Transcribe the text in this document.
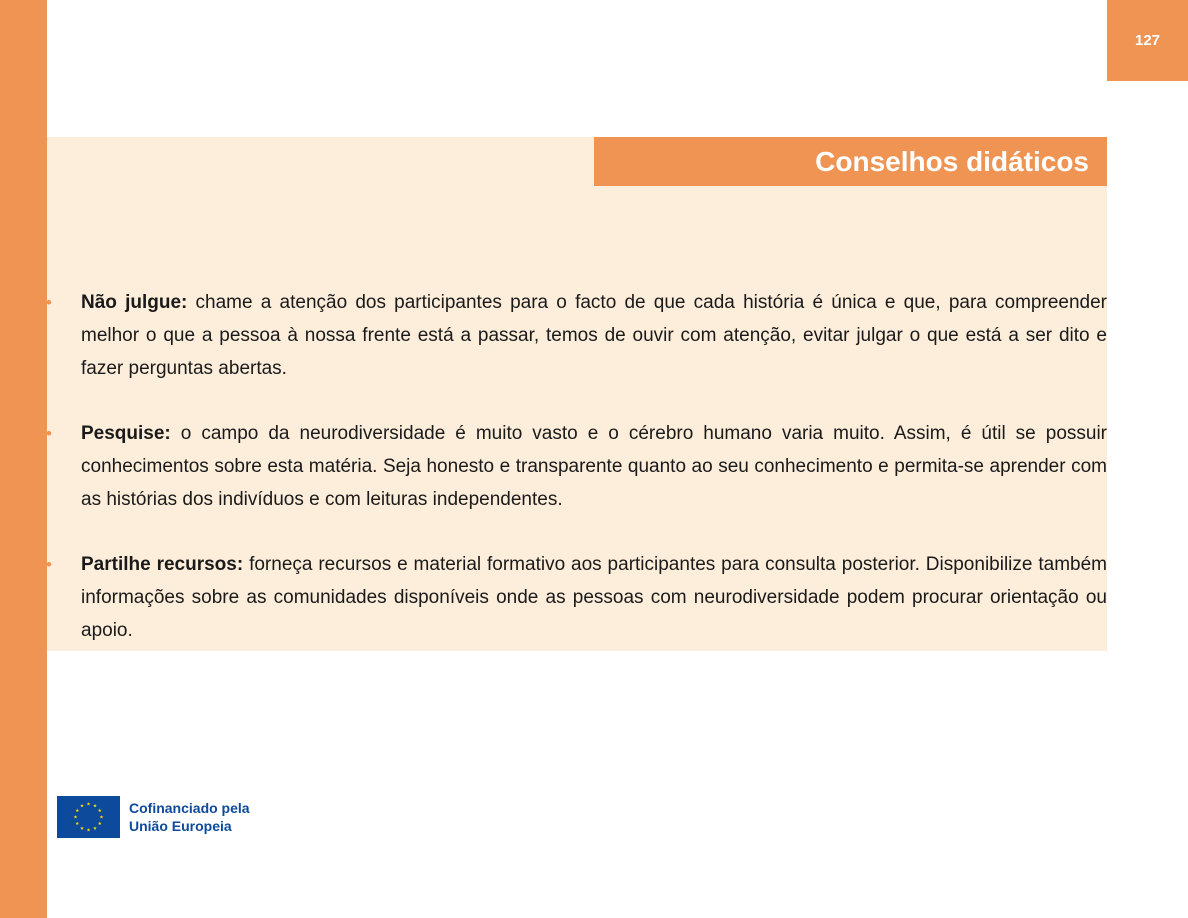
127
Conselhos didáticos
• Não julgue: chame a atenção dos participantes para o facto de que cada história é única e que, para compreender melhor o que a pessoa à nossa frente está a passar, temos de ouvir com atenção, evitar julgar o que está a ser dito e fazer perguntas abertas.
• Pesquise: o campo da neurodiversidade é muito vasto e o cérebro humano varia muito. Assim, é útil se possuir conhecimentos sobre esta matéria. Seja honesto e transparente quanto ao seu conhecimento e permita-se aprender com as histórias dos indivíduos e com leituras independentes.
• Partilhe recursos: forneça recursos e material formativo aos participantes para consulta posterior. Disponibilize também informações sobre as comunidades disponíveis onde as pessoas com neurodiversidade podem procurar orientação ou apoio.
Cofinanciado pela
União Europeia
